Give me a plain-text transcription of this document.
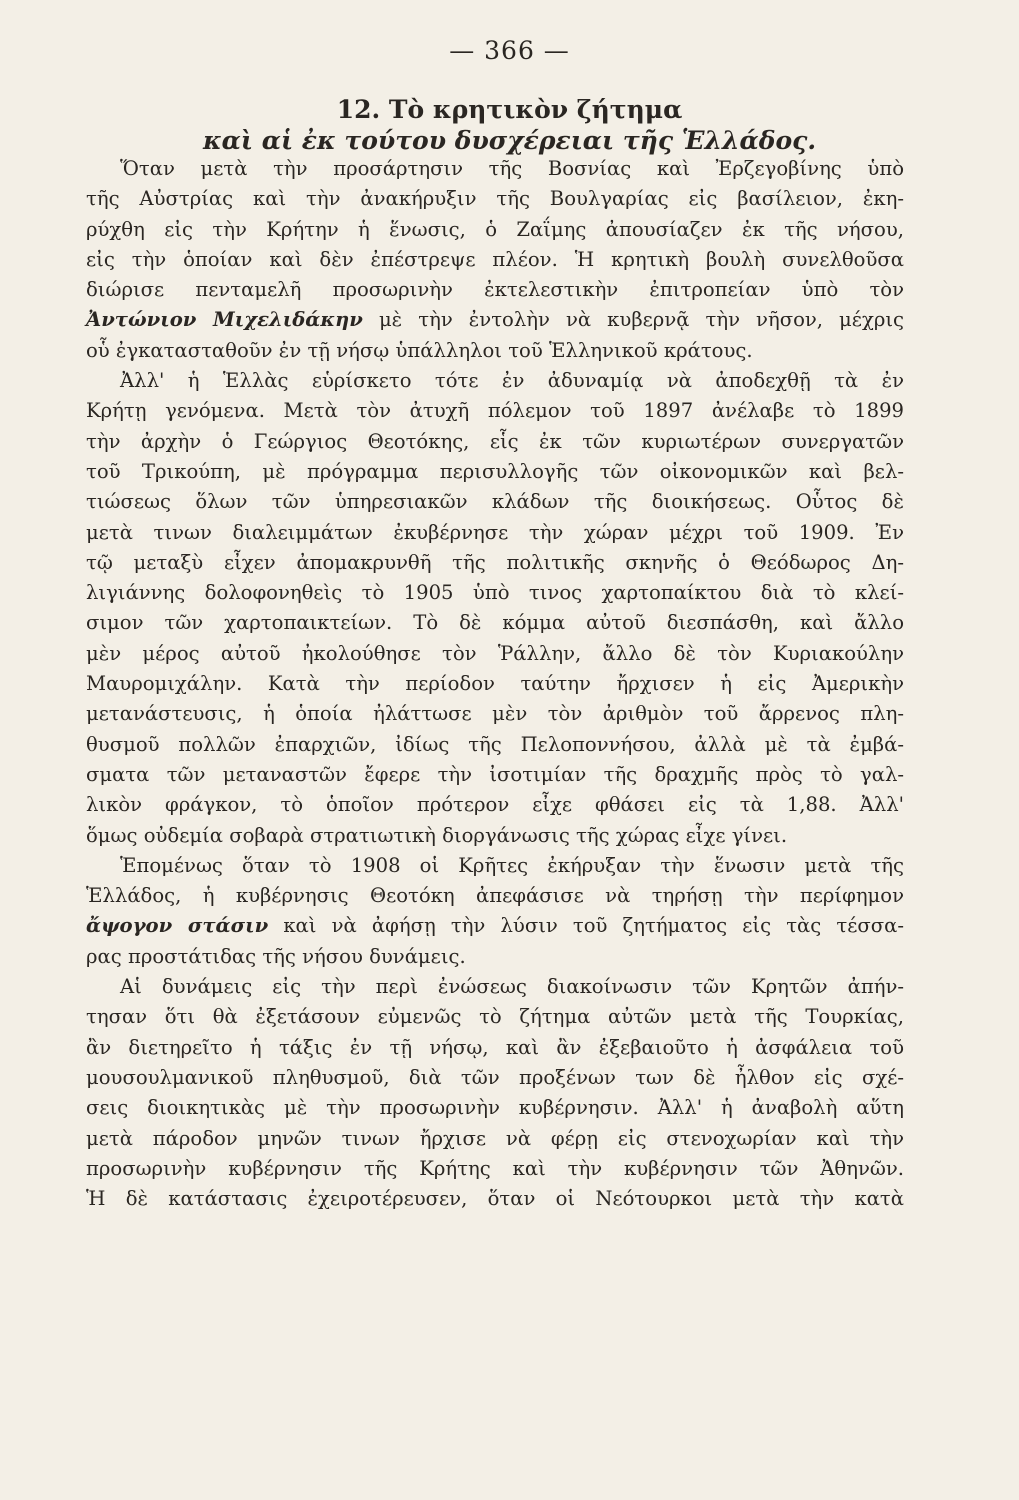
— 366 —
12. Τὸ κρητικὸν ζήτημα
καὶ αἱ ἐκ τούτου δυσχέρειαι τῆς Ἑλλάδος.
Ὅταν μετὰ τὴν προσάρτησιν τῆς Βοσνίας καὶ Ἐρζεγοβίνης ὑπὸ
τῆς Αὐστρίας καὶ τὴν ἀνακήρυξιν τῆς Βουλγαρίας εἰς βασίλειον, ἐκη-
ρύχθη εἰς τὴν Κρήτην ἡ ἕνωσις, ὁ Ζαΐμης ἀπουσίαζεν ἐκ τῆς νήσου,
εἰς τὴν ὁποίαν καὶ δὲν ἐπέστρεψε πλέον. Ἡ κρητικὴ βουλὴ συνελθοῦσα
διώρισε πενταμελῆ προσωρινὴν ἐκτελεστικὴν ἐπιτροπείαν ὑπὸ τὸν
Ἀντώνιον Μιχελιδάκην μὲ τὴν ἐντολὴν νὰ κυβερνᾷ τὴν νῆσον, μέχρις
οὗ ἐγκατασταθοῦν ἐν τῇ νήσῳ ὑπάλληλοι τοῦ Ἑλληνικοῦ κράτους.
Ἀλλ' ἡ Ἑλλὰς εὑρίσκετο τότε ἐν ἀδυναμίᾳ νὰ ἀποδεχθῇ τὰ ἐν
Κρήτῃ γενόμενα. Μετὰ τὸν ἀτυχῆ πόλεμον τοῦ 1897 ἀνέλαβε τὸ 1899
τὴν ἀρχὴν ὁ Γεώργιος Θεοτόκης, εἷς ἐκ τῶν κυριωτέρων συνεργατῶν
τοῦ Τρικούπη, μὲ πρόγραμμα περισυλλογῆς τῶν οἰκονομικῶν καὶ βελ-
τιώσεως ὅλων τῶν ὑπηρεσιακῶν κλάδων τῆς διοικήσεως. Οὗτος δὲ
μετὰ τινων διαλειμμάτων ἐκυβέρνησε τὴν χώραν μέχρι τοῦ 1909. Ἐν
τῷ μεταξὺ εἶχεν ἀπομακρυνθῆ τῆς πολιτικῆς σκηνῆς ὁ Θεόδωρος Δη-
λιγιάννης δολοφονηθεὶς τὸ 1905 ὑπὸ τινος χαρτοπαίκτου διὰ τὸ κλεί-
σιμον τῶν χαρτοπαικτείων. Τὸ δὲ κόμμα αὐτοῦ διεσπάσθη, καὶ ἄλλο
μὲν μέρος αὐτοῦ ἠκολούθησε τὸν Ῥάλλην, ἄλλο δὲ τὸν Κυριακούλην
Μαυρομιχάλην. Κατὰ τὴν περίοδον ταύτην ἤρχισεν ἡ εἰς Ἀμερικὴν
μετανάστευσις, ἡ ὁποία ἠλάττωσε μὲν τὸν ἀριθμὸν τοῦ ἄρρενος πλη-
θυσμοῦ πολλῶν ἐπαρχιῶν, ἰδίως τῆς Πελοποννήσου, ἀλλὰ μὲ τὰ ἐμβά-
σματα τῶν μεταναστῶν ἔφερε τὴν ἰσοτιμίαν τῆς δραχμῆς πρὸς τὸ γαλ-
λικὸν φράγκον, τὸ ὁποῖον πρότερον εἶχε φθάσει εἰς τὰ 1,88. Ἀλλ'
ὅμως οὐδεμία σοβαρὰ στρατιωτικὴ διοργάνωσις τῆς χώρας εἶχε γίνει.
Ἑπομένως ὅταν τὸ 1908 οἱ Κρῆτες ἐκήρυξαν τὴν ἕνωσιν μετὰ τῆς
Ἑλλάδος, ἡ κυβέρνησις Θεοτόκη ἀπεφάσισε νὰ τηρήσῃ τὴν περίφημον
ἄψογον στάσιν καὶ νὰ ἀφήσῃ τὴν λύσιν τοῦ ζητήματος εἰς τὰς τέσσα-
ρας προστάτιδας τῆς νήσου δυνάμεις.
Αἱ δυνάμεις εἰς τὴν περὶ ἐνώσεως διακοίνωσιν τῶν Κρητῶν ἀπήν-
τησαν ὅτι θὰ ἐξετάσουν εὐμενῶς τὸ ζήτημα αὐτῶν μετὰ τῆς Τουρκίας,
ἂν διετηρεῖτο ἡ τάξις ἐν τῇ νήσῳ, καὶ ἂν ἐξεβαιοῦτο ἡ ἀσφάλεια τοῦ
μουσουλμανικοῦ πληθυσμοῦ, διὰ τῶν προξένων των δὲ ἦλθον εἰς σχέ-
σεις διοικητικὰς μὲ τὴν προσωρινὴν κυβέρνησιν. Ἀλλ' ἡ ἀναβολὴ αὕτη
μετὰ πάροδον μηνῶν τινων ἤρχισε νὰ φέρῃ εἰς στενοχωρίαν καὶ τὴν
προσωρινὴν κυβέρνησιν τῆς Κρήτης καὶ τὴν κυβέρνησιν τῶν Ἀθηνῶν.
Ἡ δὲ κατάστασις ἐχειροτέρευσεν, ὅταν οἱ Νεότουρκοι μετὰ τὴν κατὰ
